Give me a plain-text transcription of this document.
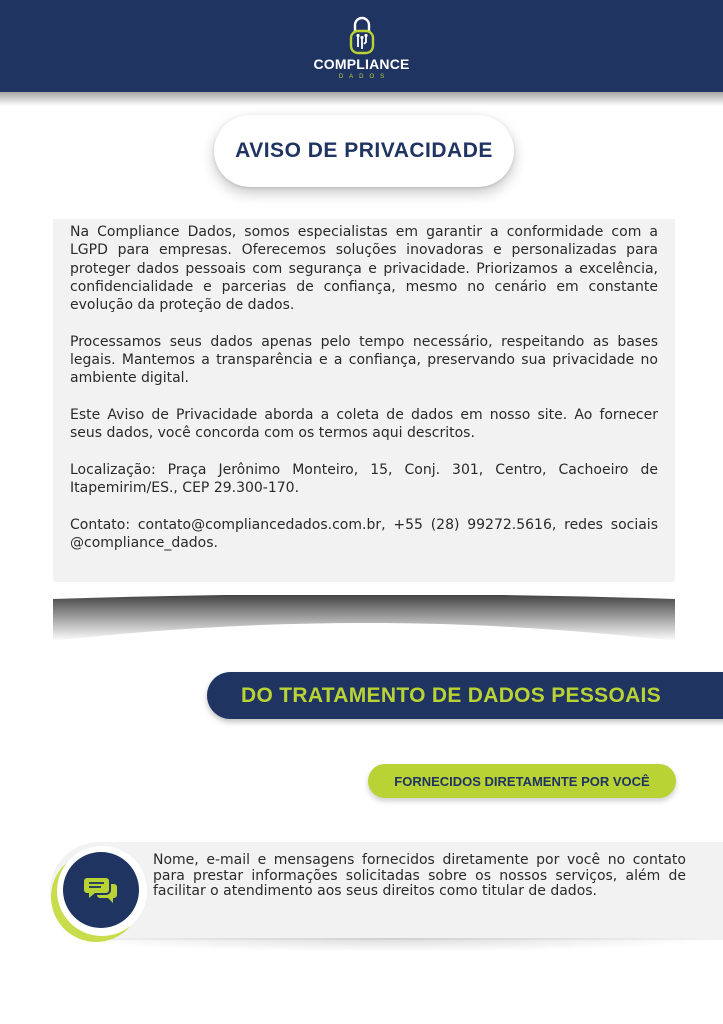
COMPLIANCE
DADOS
AVISO DE PRIVACIDADE

Na Compliance Dados, somos especialistas em garantir a conformidade com a LGPD para empresas. Oferecemos soluções inovadoras e personalizadas para proteger dados pessoais com segurança e privacidade. Priorizamos a excelência, confidencialidade e parcerias de confiança, mesmo no cenário em constante evolução da proteção de dados.

Processamos seus dados apenas pelo tempo necessário, respeitando as bases legais. Mantemos a transparência e a confiança, preservando sua privacidade no ambiente digital.

Este Aviso de Privacidade aborda a coleta de dados em nosso site. Ao fornecer seus dados, você concorda com os termos aqui descritos.

Localização: Praça Jerônimo Monteiro, 15, Conj. 301, Centro, Cachoeiro de Itapemirim/ES., CEP 29.300-170.

Contato: contato@compliancedados.com.br, +55 (28) 99272.5616, redes sociais @compliance_dados.

DO TRATAMENTO DE DADOS PESSOAIS
FORNECIDOS DIRETAMENTE POR VOCÊ
Nome, e-mail e mensagens fornecidos diretamente por você no contato para prestar informações solicitadas sobre os nossos serviços, além de facilitar o atendimento aos seus direitos como titular de dados.
